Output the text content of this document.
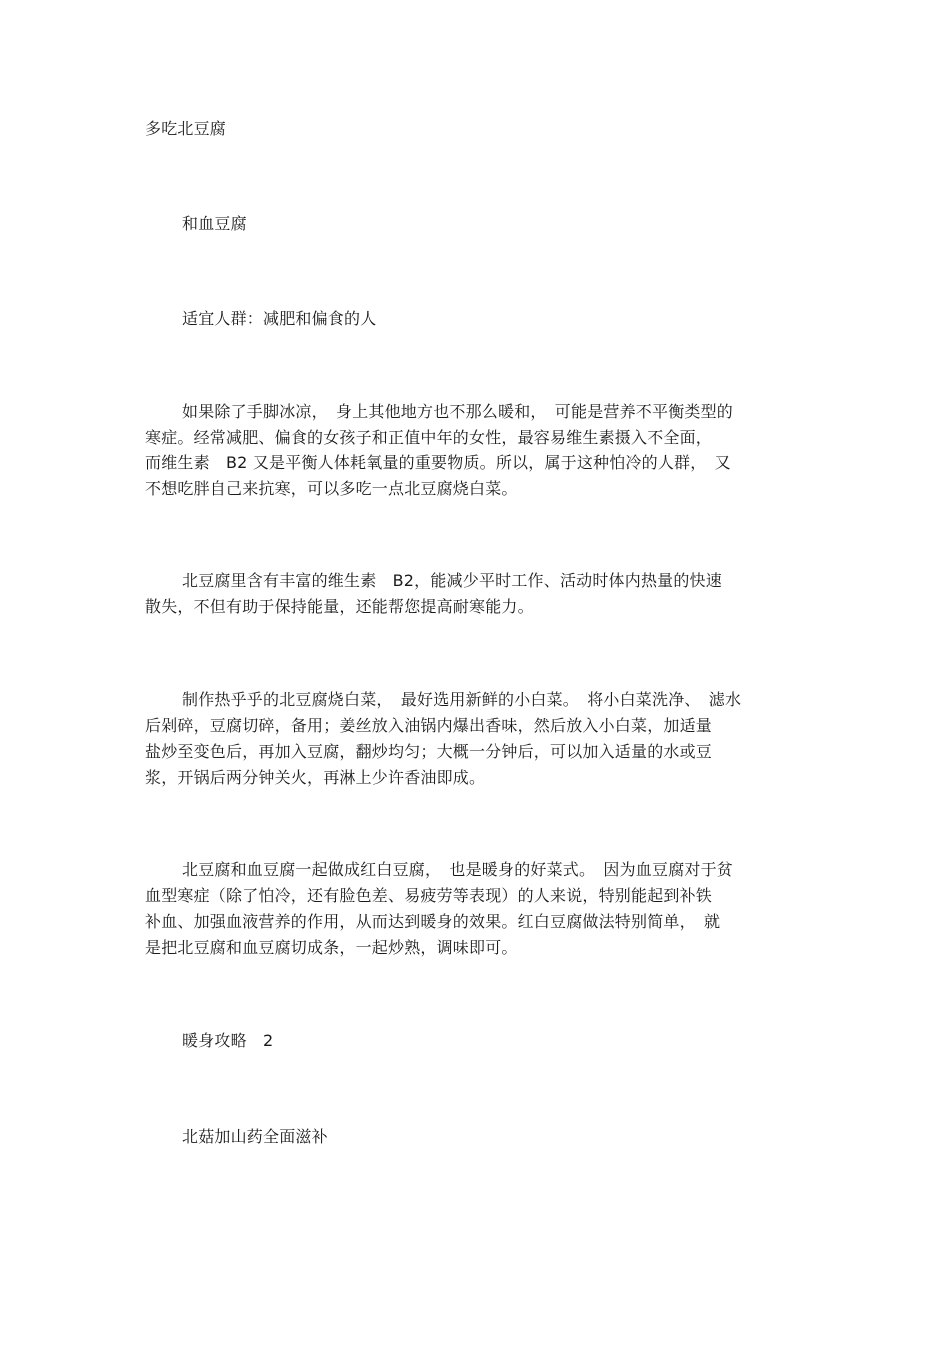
多吃北豆腐
和血豆腐
适宜人群：减肥和偏食的人
如果除了手脚冰凉，　身上其他地方也不那么暖和，　可能是营养不平衡类型的
寒症。经常减肥、偏食的女孩子和正值中年的女性，最容易维生素摄入不全面，
而维生素　B2 又是平衡人体耗氧量的重要物质。所以，属于这种怕冷的人群，　又
不想吃胖自己来抗寒，可以多吃一点北豆腐烧白菜。
北豆腐里含有丰富的维生素　B2，能减少平时工作、活动时体内热量的快速
散失，不但有助于保持能量，还能帮您提高耐寒能力。
制作热乎乎的北豆腐烧白菜，　最好选用新鲜的小白菜。　将小白菜洗净、　滤水
后剁碎，豆腐切碎，备用；姜丝放入油锅内爆出香味，然后放入小白菜，加适量
盐炒至变色后，再加入豆腐，翻炒均匀；大概一分钟后，可以加入适量的水或豆
浆，开锅后两分钟关火，再淋上少许香油即成。
北豆腐和血豆腐一起做成红白豆腐，　也是暖身的好菜式。　因为血豆腐对于贫
血型寒症（除了怕冷，还有脸色差、易疲劳等表现）的人来说，特别能起到补铁
补血、加强血液营养的作用，从而达到暖身的效果。红白豆腐做法特别简单，　就
是把北豆腐和血豆腐切成条，一起炒熟，调味即可。
暖身攻略　2
北菇加山药全面滋补
